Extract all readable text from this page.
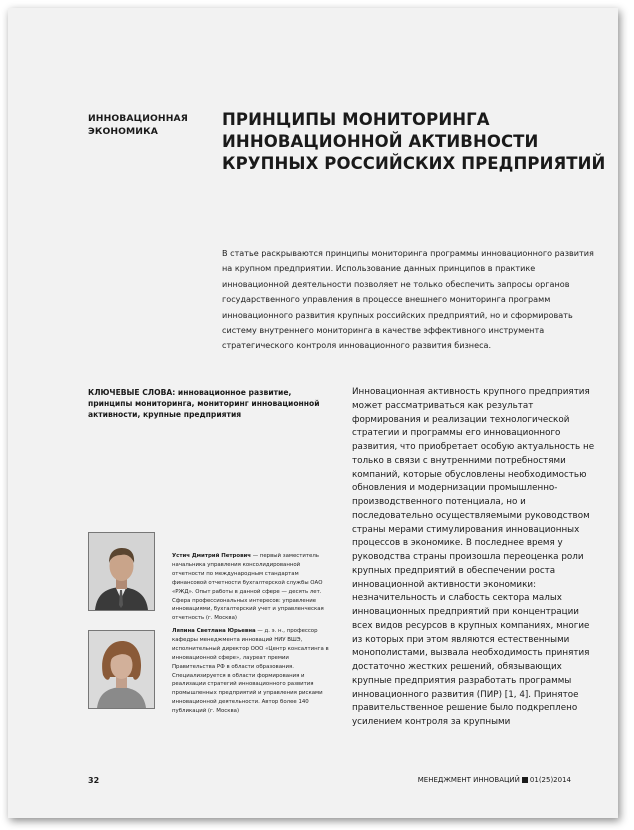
ИННОВАЦИОННАЯ ЭКОНОМИКА
ПРИНЦИПЫ МОНИТОРИНГА ИННОВАЦИОННОЙ АКТИВНОСТИ КРУПНЫХ РОССИЙСКИХ ПРЕДПРИЯТИЙ
В статье раскрываются принципы мониторинга программы инновационного развития на крупном предприятии. Использование данных принципов в практике инновационной деятельности позволяет не только обеспечить запросы органов государственного управления в процессе внешнего мониторинга программ инновационного развития крупных российских предприятий, но и сформировать систему внутреннего мониторинга в качестве эффективного инструмента стратегического контроля инновационного развития бизнеса.
КЛЮЧЕВЫЕ СЛОВА: инновационное развитие, принципы мониторинга, мониторинг инновационной активности, крупные предприятия
Инновационная активность крупного предприятия может рассматриваться как результат формирования и реализации технологической стратегии и программы его инновационного развития, что приобретает особую актуальность не только в связи с внутренними потребностями компаний, которые обусловлены необходимостью обновления и модернизации промышленно-производственного потенциала, но и последовательно осуществляемыми руководством страны мерами стимулирования инновационных процессов в экономике. В последнее время у руководства страны произошла переоценка роли крупных предприятий в обеспечении роста инновационной активности экономики: незначительность и слабость сектора малых инновационных предприятий при концентрации всех видов ресурсов в крупных компаниях, многие из которых при этом являются естественными монополистами, вызвала необходимость принятия достаточно жестких решений, обязывающих крупные предприятия разработать программы инновационного развития (ПИР) [1, 4]. Принятое правительственное решение было подкреплено усилением контроля за крупными
Устич Дмитрий Петрович — первый заместитель начальника управления консолидированной отчетности по международным стандартам финансовой отчетности бухгалтерской службы ОАО «РЖД». Опыт работы в данной сфере — десять лет. Сфера профессиональных интересов: управление инновациями, бухгалтерский учет и управленческая отчетность (г. Москва)
Ляпина Светлана Юрьевна — д. э. н., профессор кафедры менеджмента инноваций НИУ ВШЭ, исполнительный директор ООО «Центр консалтинга в инновационной сфере», лауреат премии Правительства РФ в области образования. Специализируется в области формирования и реализации стратегий инновационного развития промышленных предприятий и управления рисками инновационной деятельности. Автор более 140 публикаций (г. Москва)
32	МЕНЕДЖМЕНТ ИННОВАЦИЙ 01(25)2014
